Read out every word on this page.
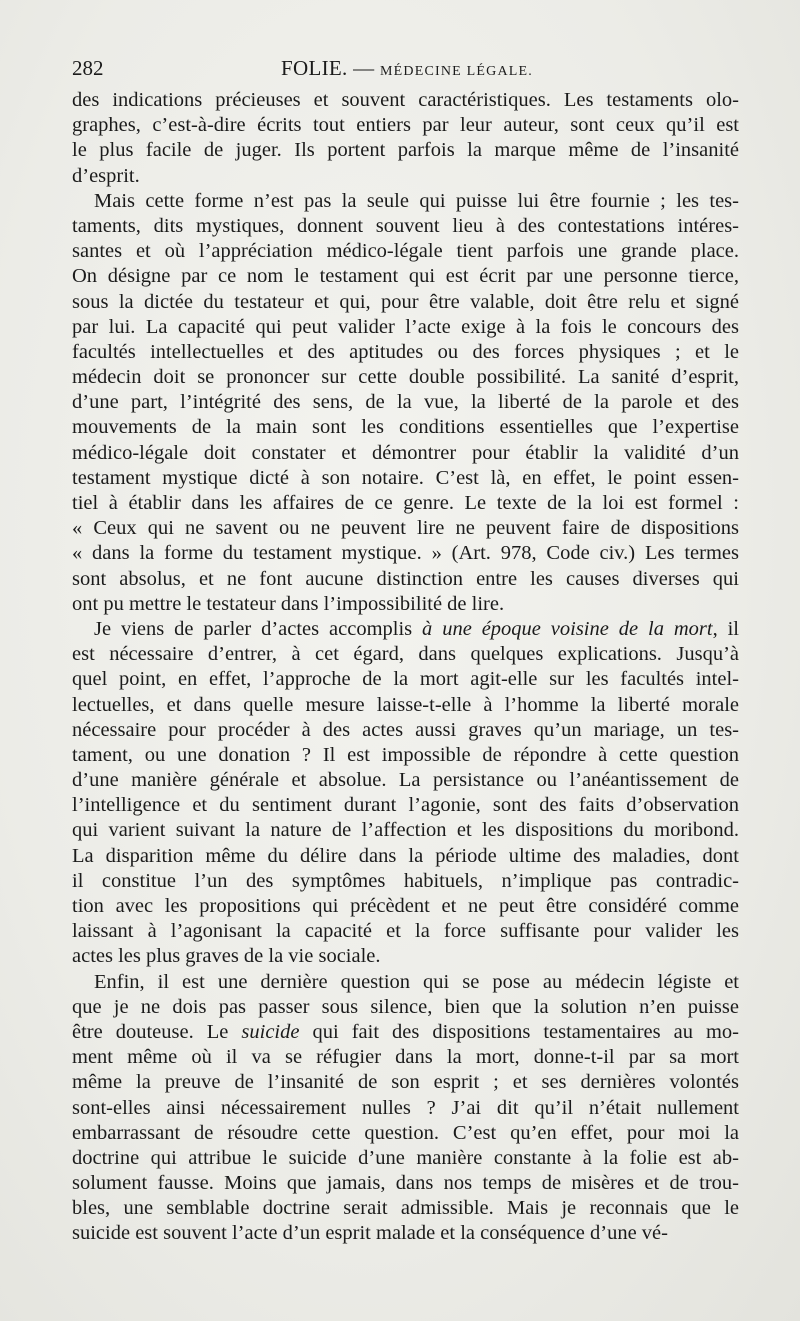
282	FOLIE. — MÉDECINE LÉGALE.
des indications précieuses et souvent caractéristiques. Les testaments olo-
graphes, c’est-à-dire écrits tout entiers par leur auteur, sont ceux qu’il est
le plus facile de juger. Ils portent parfois la marque même de l’insanité
d’esprit.
Mais cette forme n’est pas la seule qui puisse lui être fournie ; les tes-
taments, dits mystiques, donnent souvent lieu à des contestations intéres-
santes et où l’appréciation médico-légale tient parfois une grande place.
On désigne par ce nom le testament qui est écrit par une personne tierce,
sous la dictée du testateur et qui, pour être valable, doit être relu et signé
par lui. La capacité qui peut valider l’acte exige à la fois le concours des
facultés intellectuelles et des aptitudes ou des forces physiques ; et le
médecin doit se prononcer sur cette double possibilité. La sanité d’esprit,
d’une part, l’intégrité des sens, de la vue, la liberté de la parole et des
mouvements de la main sont les conditions essentielles que l’expertise
médico-légale doit constater et démontrer pour établir la validité d’un
testament mystique dicté à son notaire. C’est là, en effet, le point essen-
tiel à établir dans les affaires de ce genre. Le texte de la loi est formel :
« Ceux qui ne savent ou ne peuvent lire ne peuvent faire de dispositions
« dans la forme du testament mystique. » (Art. 978, Code civ.) Les termes
sont absolus, et ne font aucune distinction entre les causes diverses qui
ont pu mettre le testateur dans l’impossibilité de lire.
Je viens de parler d’actes accomplis à une époque voisine de la mort, il
est nécessaire d’entrer, à cet égard, dans quelques explications. Jusqu’à
quel point, en effet, l’approche de la mort agit-elle sur les facultés intel-
lectuelles, et dans quelle mesure laisse-t-elle à l’homme la liberté morale
nécessaire pour procéder à des actes aussi graves qu’un mariage, un tes-
tament, ou une donation ? Il est impossible de répondre à cette question
d’une manière générale et absolue. La persistance ou l’anéantissement de
l’intelligence et du sentiment durant l’agonie, sont des faits d’observation
qui varient suivant la nature de l’affection et les dispositions du moribond.
La disparition même du délire dans la période ultime des maladies, dont
il constitue l’un des symptômes habituels, n’implique pas contradic-
tion avec les propositions qui précèdent et ne peut être considéré comme
laissant à l’agonisant la capacité et la force suffisante pour valider les
actes les plus graves de la vie sociale.
Enfin, il est une dernière question qui se pose au médecin légiste et
que je ne dois pas passer sous silence, bien que la solution n’en puisse
être douteuse. Le suicide qui fait des dispositions testamentaires au mo-
ment même où il va se réfugier dans la mort, donne-t-il par sa mort
même la preuve de l’insanité de son esprit ; et ses dernières volontés
sont-elles ainsi nécessairement nulles ? J’ai dit qu’il n’était nullement
embarrassant de résoudre cette question. C’est qu’en effet, pour moi la
doctrine qui attribue le suicide d’une manière constante à la folie est ab-
solument fausse. Moins que jamais, dans nos temps de misères et de trou-
bles, une semblable doctrine serait admissible. Mais je reconnais que le
suicide est souvent l’acte d’un esprit malade et la conséquence d’une vé-
